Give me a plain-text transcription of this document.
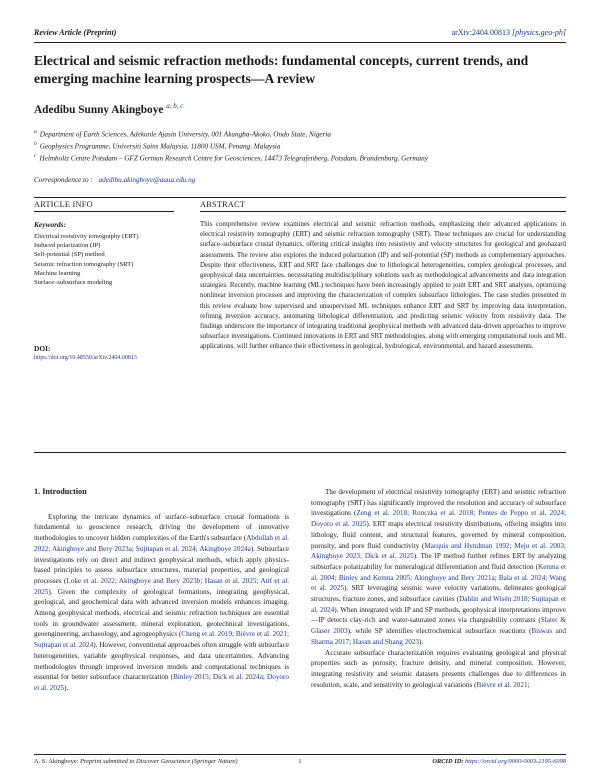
Review Article (Preprint)	arXiv:2404.00813 [physics.geo-ph]
Electrical and seismic refraction methods: fundamental concepts, current trends, and emerging machine learning prospects—A review
Adedibu Sunny Akingboye $^{a, b, c}$
$^a$ Department of Earth Sciences, Adekunle Ajasin University, 001 Akungba-Akoko, Ondo State, Nigeria
$^b$ Geophysics Programme, Universiti Sains Malaysia, 11800 USM, Penang, Malaysia
$^c$ Helmholtz Centre Potsdam – GFZ German Research Centre for Geosciences, 14473 Telegrafenberg, Potsdam, Brandenburg, Germany
Correspondence to : adedibu.akingboye@aaua.edu.ng
ARTICLE INFO	ABSTRACT
Keywords:
Electrical resistivity tomography (ERT)
Induced polarization (IP)
Self-potential (SP) method
Seismic refraction tomography (SRT)
Machine learning
Surface–subsurface modeling
DOI:
https://doi.org/10.48550/arXiv.2404.00813
This comprehensive review examines electrical and seismic refraction methods, emphasizing their advanced applications in electrical resistivity tomography (ERT) and seismic refraction tomography (SRT). These techniques are crucial for understanding surface–subsurface crustal dynamics, offering critical insights into resistivity and velocity structures for geological and geohazard assessments. The review also explores the induced polarization (IP) and self-potential (SP) methods as complementary approaches. Despite their effectiveness, ERT and SRT face challenges due to lithological heterogeneities, complex geological processes, and geophysical data uncertainties, necessitating multidisciplinary solutions such as methodological advancements and data integration strategies. Recently, machine learning (ML) techniques have been increasingly applied to joint ERT and SRT analyses, optimizing nonlinear inversion processes and improving the characterization of complex subsurface lithologies. The case studies presented in this review evaluate how supervised and unsupervised ML techniques enhance ERT and SRT by improving data interpretation, refining inversion accuracy, automating lithological differentiation, and predicting seismic velocity from resistivity data. The findings underscore the importance of integrating traditional geophysical methods with advanced data-driven approaches to improve subsurface investigations. Continued innovations in ERT and SRT methodologies, along with emerging computational tools and ML applications, will further enhance their effectiveness in geological, hydrological, environmental, and hazard assessments.
1. Introduction

Exploring the intricate dynamics of surface–subsurface crustal formations is fundamental to geoscience research, driving the development of innovative methodologies to uncover hidden complexities of the Earth's subsurface (Abdullah et al. 2022; Akingboye and Bery 2023a; Sujitapan et al. 2024; Akingboye 2024a). Subsurface investigations rely on direct and indirect geophysical methods, which apply physics-based principles to assess subsurface structures, material properties, and geological processes (Loke et al. 2022; Akingboye and Bery 2023b; Hasan et al. 2025; Atif et al. 2025). Given the complexity of geological formations, integrating geophysical, geological, and geochemical data with advanced inversion models enhances imaging. Among geophysical methods, electrical and seismic refraction techniques are essential tools in groundwater assessment, mineral exploration, geotechnical investigations, geoengineering, archaeology, and agrogeophysics (Cheng et al. 2019; Bièvre et al. 2021; Sujitapan et al. 2024). However, conventional approaches often struggle with subsurface heterogeneities, variable geophysical responses, and data uncertainties. Advancing methodologies through improved inversion models and computational techniques is essential for better subsurface characterization (Binley 2015; Dick et al. 2024a; Doyoro et al. 2025).

The development of electrical resistivity tomography (ERT) and seismic refraction tomography (SRT) has significantly improved the resolution and accuracy of subsurface investigations (Zeng et al. 2018; Ronczka et al. 2018; Pentes de Peppo et al. 2024; Doyoro et al. 2025). ERT maps electrical resistivity distributions, offering insights into lithology, fluid content, and structural features, governed by mineral composition, porosity, and pore fluid conductivity (Marquis and Hyndman 1992; Meju et al. 2003; Akingboye 2023; Dick et al. 2025). The IP method further refines ERT by analyzing subsurface polarizability for mineralogical differentiation and fluid detection (Kemna et al. 2004; Binley and Kemna 2005; Akingboye and Bery 2021a; Bala et al. 2024; Wang et al. 2025). SRT leveraging seismic wave velocity variations, delineates geological structures, fracture zones, and subsurface cavities (Dahlin and Wisén 2018; Sujitapan et al. 2024). When integrated with IP and SP methods, geophysical interpretations improve—IP detects clay-rich and water-saturated zones via chargeability contrasts (Slater & Glaser 2003), while SP identifies electrochemical subsurface reactions (Biswas and Sharma 2017; Hasan and Shang 2023).

Accurate subsurface characterization requires evaluating geological and physical properties such as porosity, fracture density, and mineral composition. However, integrating resistivity and seismic datasets presents challenges due to differences in resolution, scale, and sensitivity to geological variations (Bièvre et al. 2021;

A. S. Akingboye: Preprint submitted to Discover Geoscience (Springer Nature)	1	ORCID ID: https://orcid.org/0000-0003-2195-6098
